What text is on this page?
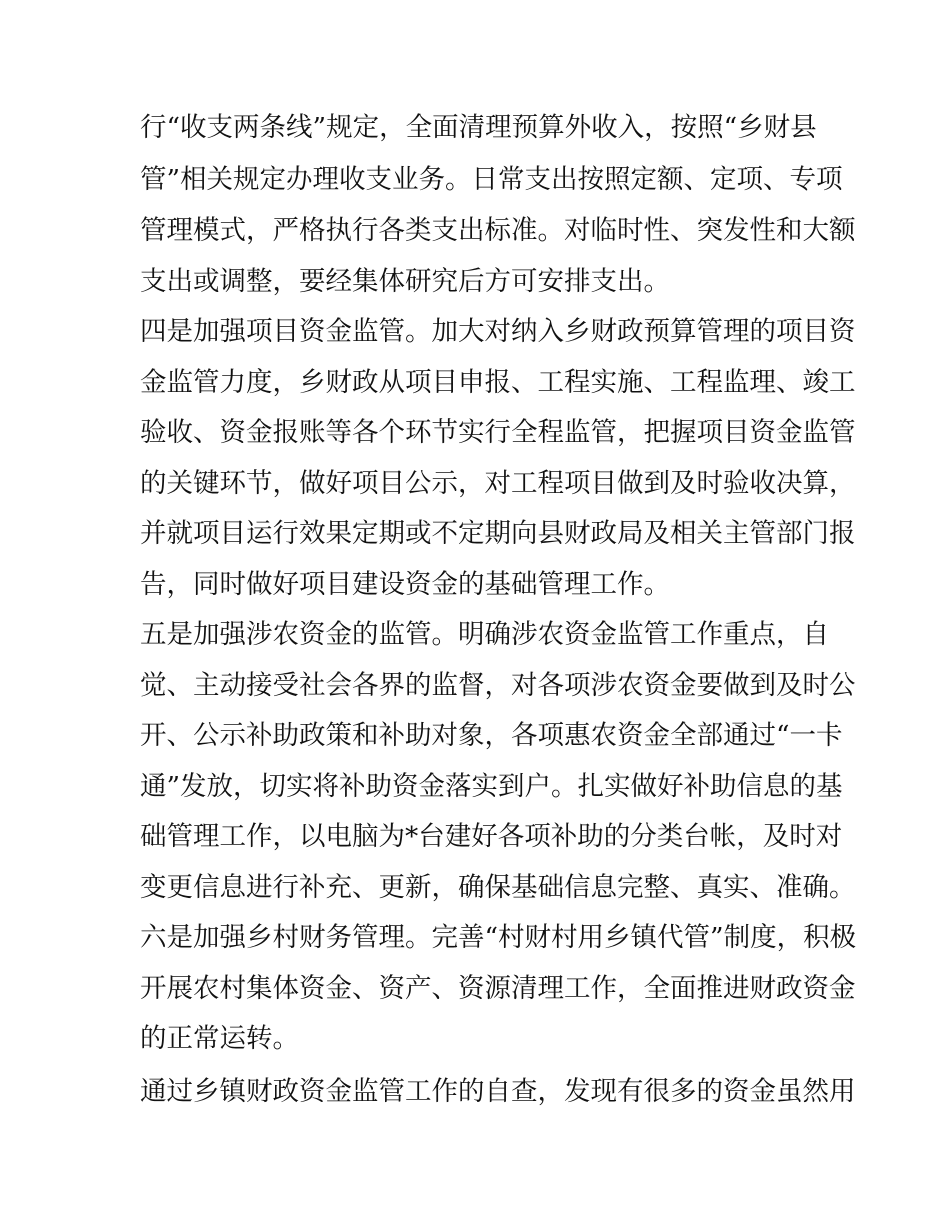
行“收支两条线”规定，全面清理预算外收入，按照“乡财县
管”相关规定办理收支业务。日常支出按照定额、定项、专项
管理模式，严格执行各类支出标准。对临时性、突发性和大额
支出或调整，要经集体研究后方可安排支出。
四是加强项目资金监管。加大对纳入乡财政预算管理的项目资
金监管力度，乡财政从项目申报、工程实施、工程监理、竣工
验收、资金报账等各个环节实行全程监管，把握项目资金监管
的关键环节，做好项目公示，对工程项目做到及时验收决算，
并就项目运行效果定期或不定期向县财政局及相关主管部门报
告，同时做好项目建设资金的基础管理工作。
五是加强涉农资金的监管。明确涉农资金监管工作重点，自
觉、主动接受社会各界的监督，对各项涉农资金要做到及时公
开、公示补助政策和补助对象，各项惠农资金全部通过“一卡
通”发放，切实将补助资金落实到户。扎实做好补助信息的基
础管理工作，以电脑为*台建好各项补助的分类台帐，及时对
变更信息进行补充、更新，确保基础信息完整、真实、准确。
六是加强乡村财务管理。完善“村财村用乡镇代管”制度，积极
开展农村集体资金、资产、资源清理工作，全面推进财政资金
的正常运转。
通过乡镇财政资金监管工作的自查，发现有很多的资金虽然用
